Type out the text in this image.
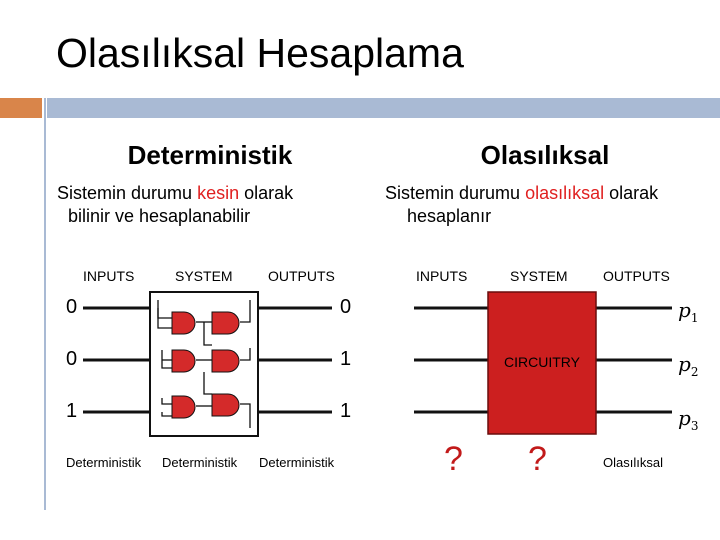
Olasılıksal Hesaplama
Deterministik	Olasılıksal
Sistemin durumu kesin olarak
bilinir ve hesaplanabilir
Sistemin durumu olasılıksal olarak
hesaplanır
INPUTS	SYSTEM	OUTPUTS
0
0
1
0
1
1
Deterministik Deterministik Deterministik
INPUTS	SYSTEM	OUTPUTS
CIRCUITRY
$p_1$
$p_2$
$p_3$
? ?	Olasılıksal
